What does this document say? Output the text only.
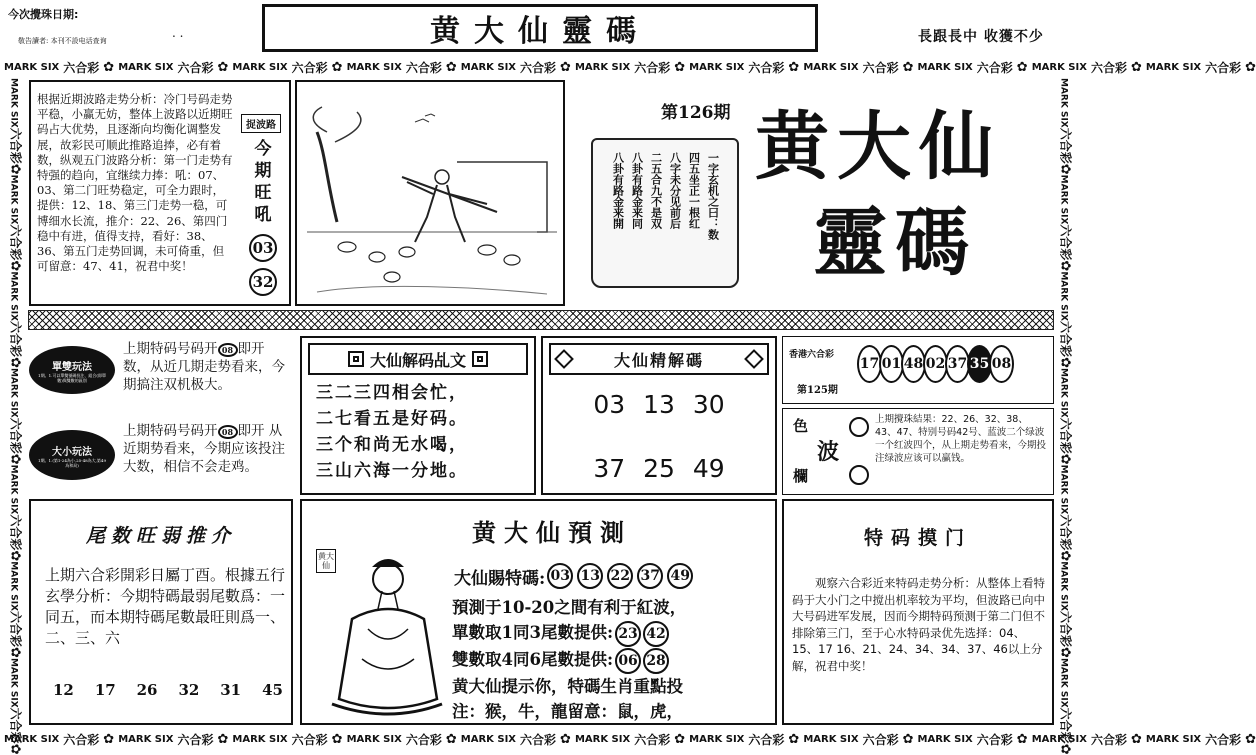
今次攪珠日期:
敬告讀者: 本刊不設电话查询
. .	黄大仙靈碼	長跟長中 收獲不少
MARK SIX 六合彩 ✿ MARK SIX 六合彩 ✿ MARK SIX 六合彩 ✿ MARK SIX 六合彩 ✿ MARK SIX 六合彩 ✿ MARK SIX 六合彩 ✿ MARK SIX 六合彩 ✿ MARK SIX 六合彩 ✿ MARK SIX 六合彩 ✿ MARK SIX 六合彩 ✿ MARK SIX 六合彩 ✿
MARK SIX 六合彩 ✿ MARK SIX 六合彩 ✿ MARK SIX 六合彩 ✿ MARK SIX 六合彩 ✿ MARK SIX 六合彩 ✿ MARK SIX 六合彩 ✿ MARK SIX 六合彩 ✿ MARK SIX 六合彩 ✿ MARK SIX 六合彩 ✿ MARK SIX 六合彩 ✿ MARK SIX 六合彩 ✿
MARK SIX六合彩✿MARK SIX六合彩✿MARK SIX六合彩✿MARK SIX六合彩✿MARK SIX六合彩✿MARK SIX六合彩✿MARK SIX六合彩✿
MARK SIX六合彩✿MARK SIX六合彩✿MARK SIX六合彩✿MARK SIX六合彩✿MARK SIX六合彩✿MARK SIX六合彩✿MARK SIX六合彩✿
根据近期波路走势分析：冷门号码走势平稳，小赢无妨，整体上波路以近期旺码占大优势，且逐渐向均衡化调整发展，故彩民可顺此推路追捧，必有着数，纵观五门波路分析：第一门走势有特强的趋向，宜继续力捧：吼：07、03、第二门旺势稳定，可全力跟时，提供：12、18、第三门走势一稳，可博细水长流，推介：22、26、第四门稳中有进，值得支持，看好：38、36、第五门走势回调，未可倚重，但可留意：47、41，祝君中奖！
捉波路
今
期
旺
吼
03
32
第126期
一字玄机之曰：数
四五坐正一根红
八字未分见前后
二五合九不是双
八卦有路金来同
八卦有路金来開
黄大仙
靈碼
單雙玩法
1期。1.可以單雙號碼投注、組合(即單數)與雙數的區別
上期特码号码开 08 即开 数，从近几期走势看来，今期搞注双机极大。
大小玩法
1期。1.(第1-24為小,25-48為大,第49為和局)
上期特码号码开 08 即开 从近期势看来，今期应该投注大数，相信不会走鸡。
大仙解码乩文
三二三四相会忙，
二七看五是好码。
三个和尚无水喝，
三山六海一分地。
大仙精解碼
03 13 30
37 25 49
香港六合彩
第125期
17 01 48 02 37 35 08
色
波
欄
上期攪珠結果：22、26、32、38、43、47、特别号码42号、蓝波二个绿波一个红波四个，从上期走势看来，今期投注绿波应该可以赢钱。
尾数旺弱推介
上期六合彩開彩日屬丁酉。根據五行玄學分析：今期特碼最弱尾數爲：一同五，而本期特碼尾數最旺則爲一、二、三、六
12 17 26 32 31 45
黄大仙預測
黄大仙
大仙賜特碼: 03 13 22 37 49
預測于10-20之間有利于紅波，
單數取1同3尾數提供: 23 42
雙數取4同6尾數提供: 06 28
黄大仙提示你，特碼生肖重點投
注：猴，牛，龍留意：鼠，虎，
特码摸门
观察六合彩近来特码走势分析：从整体上看特码于大小门之中搅出机率较为平均，但波路已向中大号码进军发展，因而今期特码预测于第二门但不排除第三门，至于心水特码录优先选择：04、15、17 16、21、24、34、34、37、46以上分解，祝君中奖！
